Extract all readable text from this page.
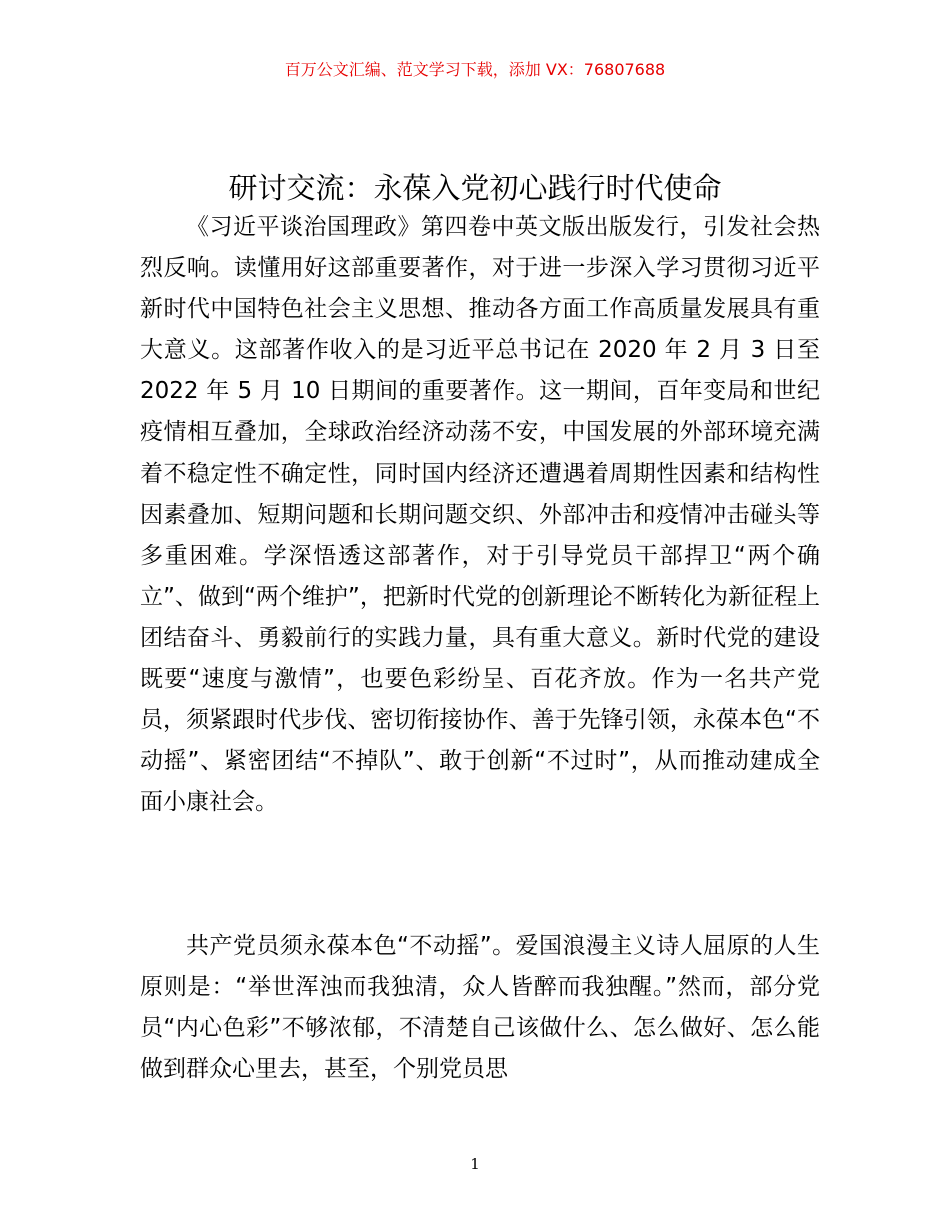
百万公文汇编、范文学习下载，添加 VX：76807688
研讨交流：永葆入党初心践行时代使命

《习近平谈治国理政》第四卷中英文版出版发行，引发社会热烈反响。读懂用好这部重要著作，对于进一步深入学习贯彻习近平新时代中国特色社会主义思想、推动各方面工作高质量发展具有重大意义。这部著作收入的是习近平总书记在 2020 年 2 月 3 日至 2022 年 5 月 10 日期间的重要著作。这一期间，百年变局和世纪疫情相互叠加，全球政治经济动荡不安，中国发展的外部环境充满着不稳定性不确定性，同时国内经济还遭遇着周期性因素和结构性因素叠加、短期问题和长期问题交织、外部冲击和疫情冲击碰头等多重困难。学深悟透这部著作，对于引导党员干部捍卫“两个确立”、做到“两个维护”，把新时代党的创新理论不断转化为新征程上团结奋斗、勇毅前行的实践力量，具有重大意义。新时代党的建设既要“速度与激情”，也要色彩纷呈、百花齐放。作为一名共产党员，须紧跟时代步伐、密切衔接协作、善于先锋引领，永葆本色“不动摇”、紧密团结“不掉队”、敢于创新“不过时”，从而推动建成全面小康社会。

共产党员须永葆本色“不动摇”。爱国浪漫主义诗人屈原的人生原则是：“举世浑浊而我独清，众人皆醉而我独醒。”然而，部分党员“内心色彩”不够浓郁，不清楚自己该做什么、怎么做好、怎么能做到群众心里去，甚至，个别党员思

1
